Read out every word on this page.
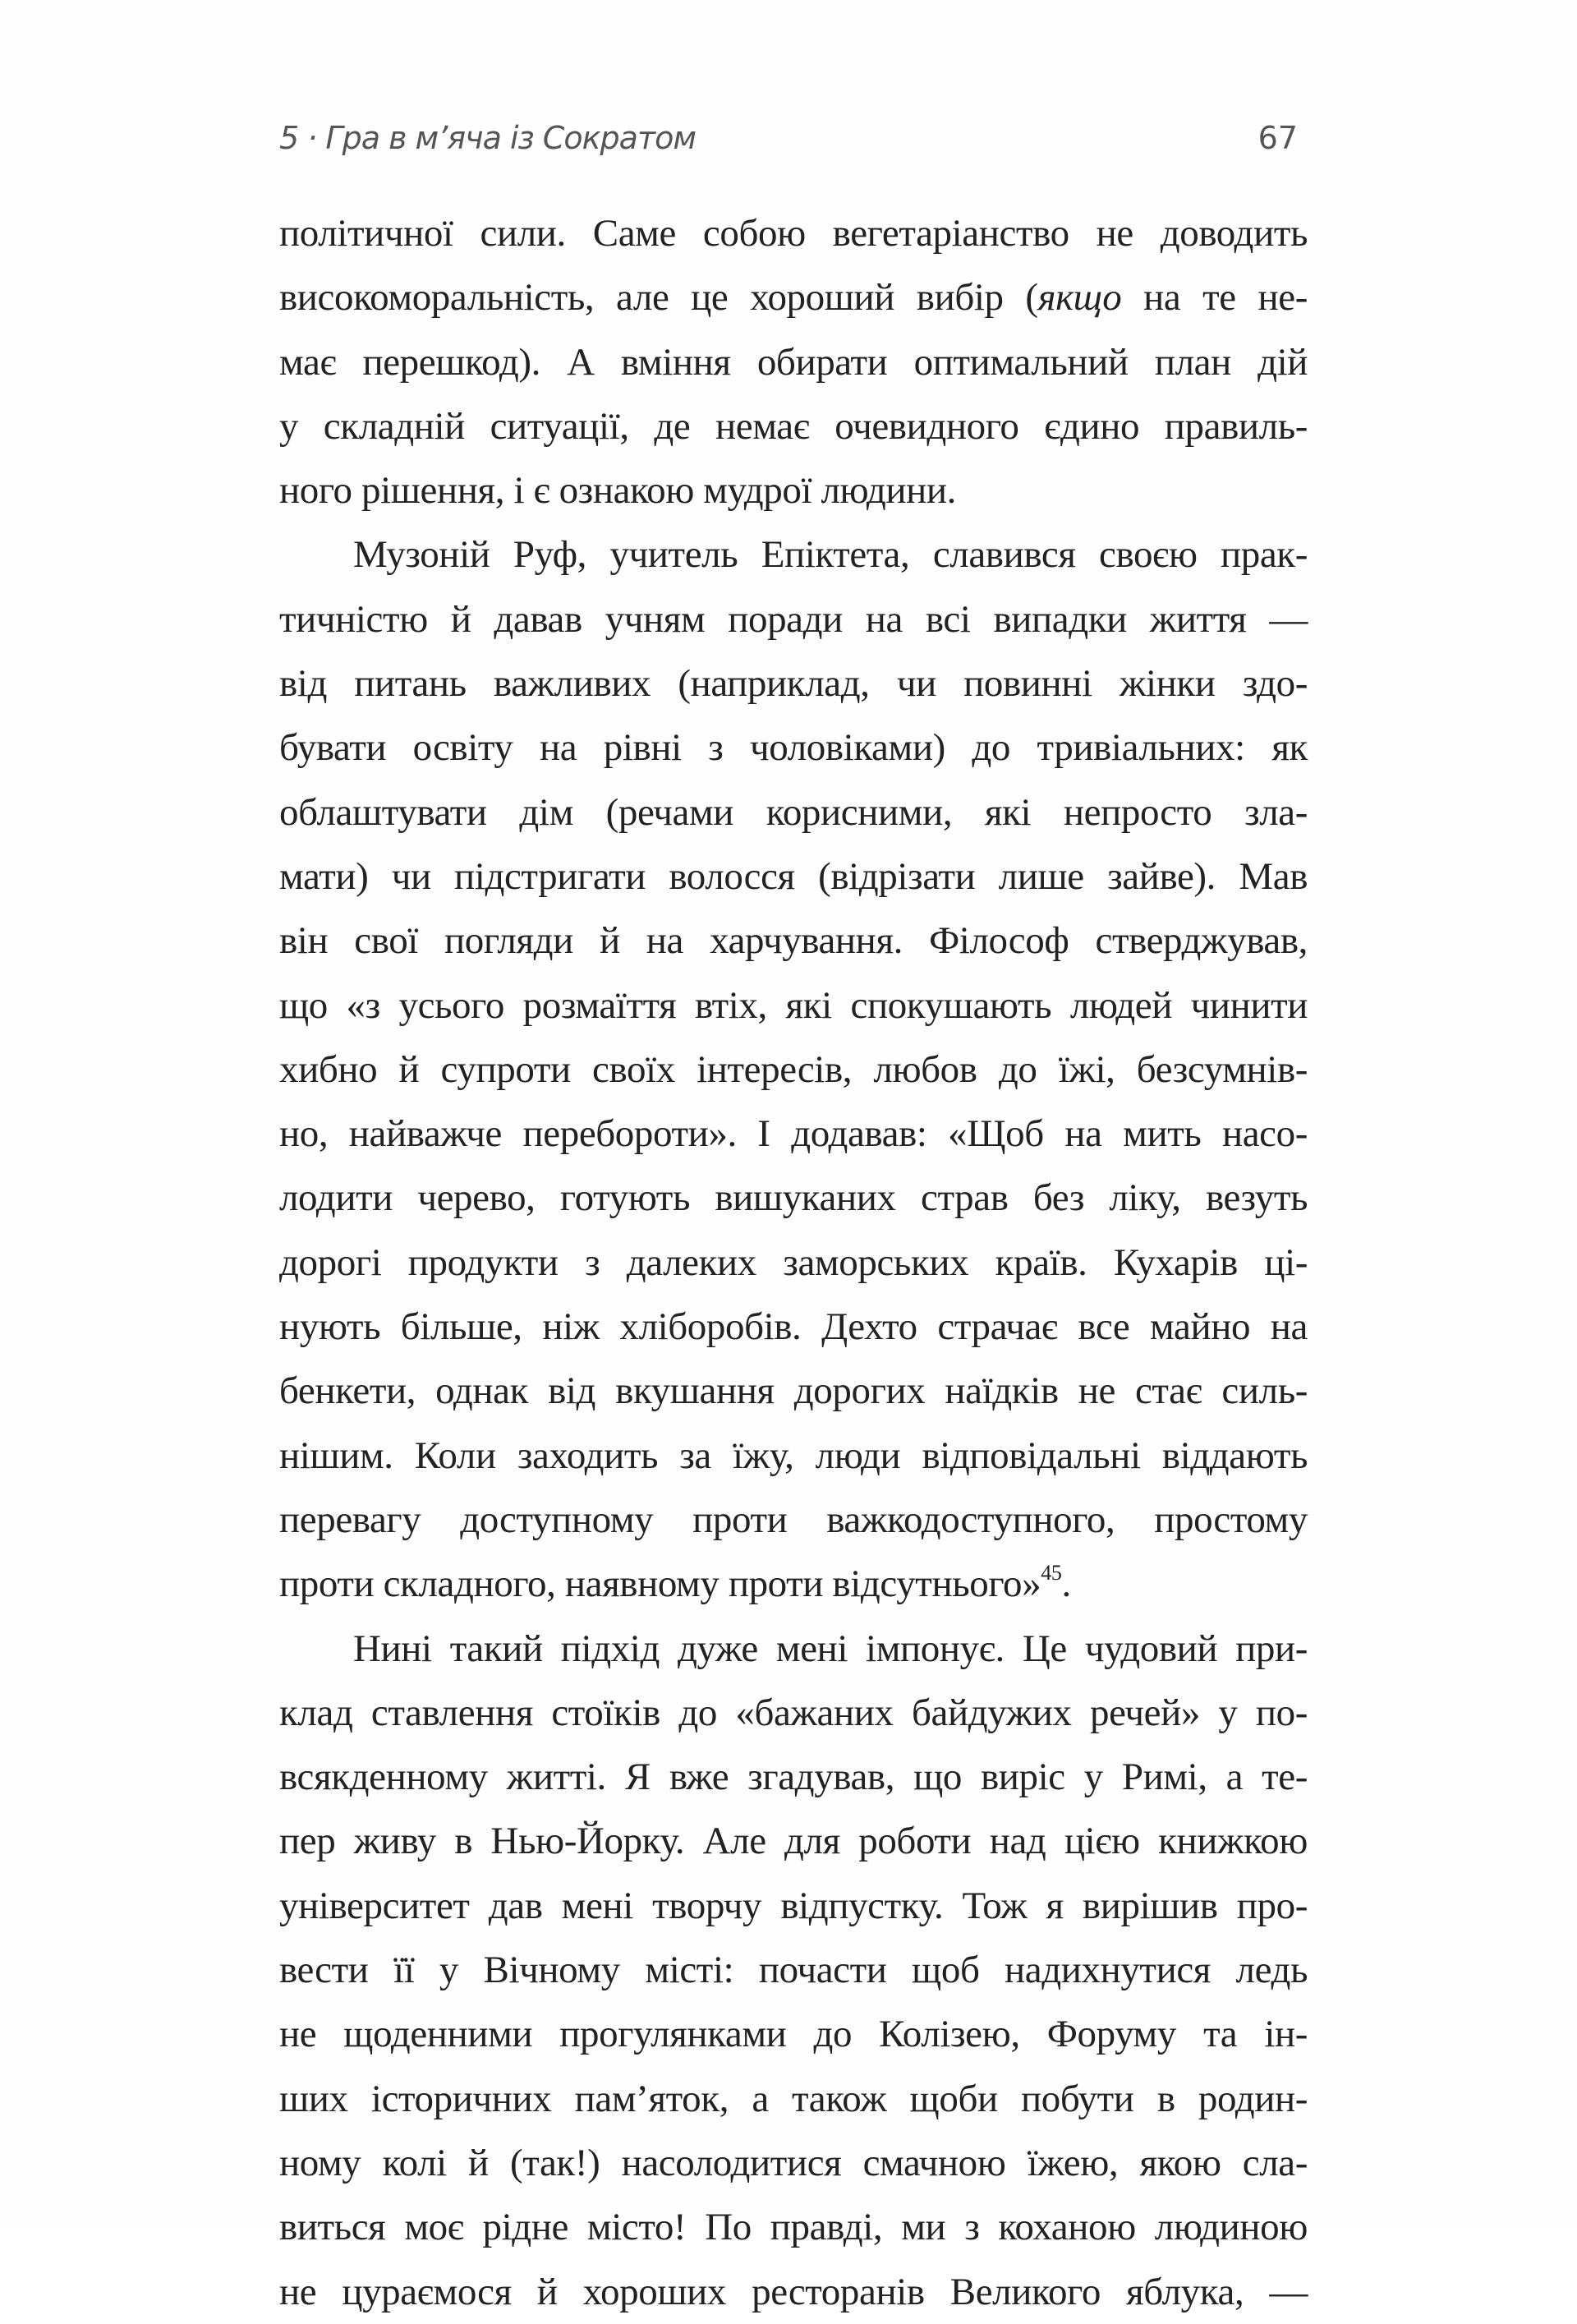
5 · Гра в м’яча із Сократом	67
політичної сили. Саме собою вегетаріанство не доводить
високоморальність, але це хороший вибір (якщо на те не-
має перешкод). А вміння обирати оптимальний план дій
у складній ситуації, де немає очевидного єдино правиль-
ного рішення, і є ознакою мудрої людини.
Музоній Руф, учитель Епіктета, славився своєю прак-
тичністю й давав учням поради на всі випадки життя —
від питань важливих (наприклад, чи повинні жінки здо-
бувати освіту на рівні з чоловіками) до тривіальних: як
облаштувати дім (речами корисними, які непросто зла-
мати) чи підстригати волосся (відрізати лише зайве). Мав
він свої погляди й на харчування. Філософ стверджував,
що «з усього розмаїття втіх, які спокушають людей чинити
хибно й супроти своїх інтересів, любов до їжі, безсумнів-
но, найважче перебороти». І додавав: «Щоб на мить насо-
лодити черево, готують вишуканих страв без ліку, везуть
дорогі продукти з далеких заморських країв. Кухарів ці-
нують більше, ніж хліборобів. Дехто страчає все майно на
бенкети, однак від вкушання дорогих наїдків не стає силь-
нішим. Коли заходить за їжу, люди відповідальні віддають
перевагу доступному проти важкодоступного, простому
проти складного, наявному проти відсутнього»$^{45}$.
Нині такий підхід дуже мені імпонує. Це чудовий при-
клад ставлення стоїків до «бажаних байдужих речей» у по-
всякденному житті. Я вже згадував, що виріс у Римі, а те-
пер живу в Нью-Йорку. Але для роботи над цією книжкою
університет дав мені творчу відпустку. Тож я вирішив про-
вести її у Вічному місті: почасти щоб надихнутися ледь
не щоденними прогулянками до Колізею, Форуму та ін-
ших історичних пам’яток, а також щоби побути в родин-
ному колі й (так!) насолодитися смачною їжею, якою сла-
виться моє рідне місто! По правді, ми з коханою людиною
не цураємося й хороших ресторанів Великого яблука, —
